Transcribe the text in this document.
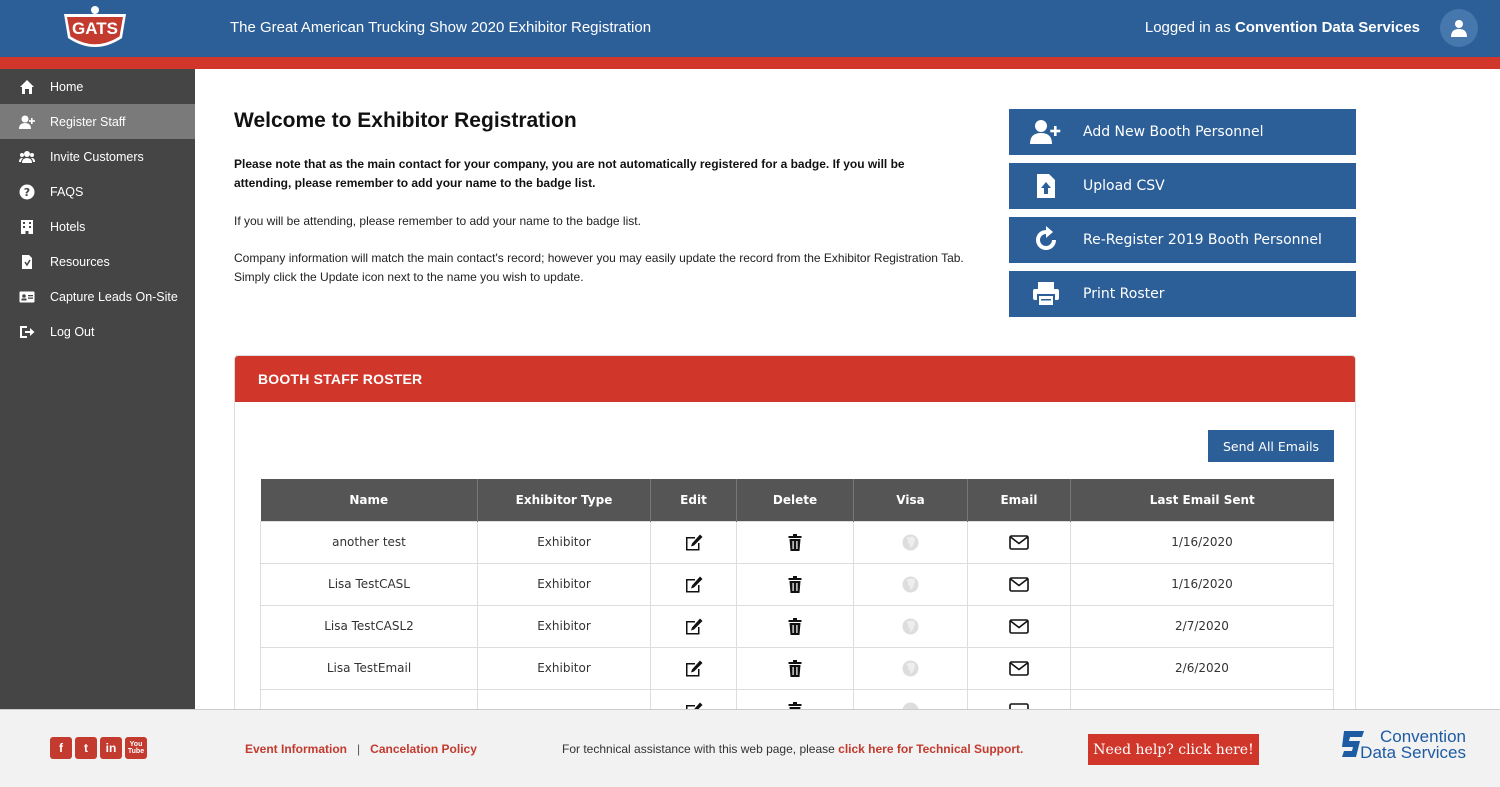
GATS	The Great American Trucking Show 2020 Exhibitor Registration	Logged in as Convention Data Services
Home
Register Staff
Invite Customers
? FAQS
Hotels
Resources
Capture Leads On-Site
Log Out
Welcome to Exhibitor Registration

Please note that as the main contact for your company, you are not automatically registered for a badge. If you will be attending, please remember to add your name to the badge list.

If you will be attending, please remember to add your name to the badge list.

Company information will match the main contact's record; however you may easily update the record from the Exhibitor Registration Tab.
Simply click the Update icon next to the name you wish to update.
Add New Booth Personnel
Upload CSV
Re-Register 2019 Booth Personnel
Print Roster
BOOTH STAFF ROSTER
Send All Emails
Name	Exhibitor Type	Edit	Delete	Visa	Email	Last Email Sent
another test	Exhibitor					1/16/2020
Lisa TestCASL	Exhibitor					1/16/2020
Lisa TestCASL2	Exhibitor					2/7/2020
Lisa TestEmail	Exhibitor					2/6/2020

f	t	in	You Tube	Event Information | Cancelation Policy	For technical assistance with this web page, please click here for Technical Support.	Need help? click here!
Convention
Data Services
